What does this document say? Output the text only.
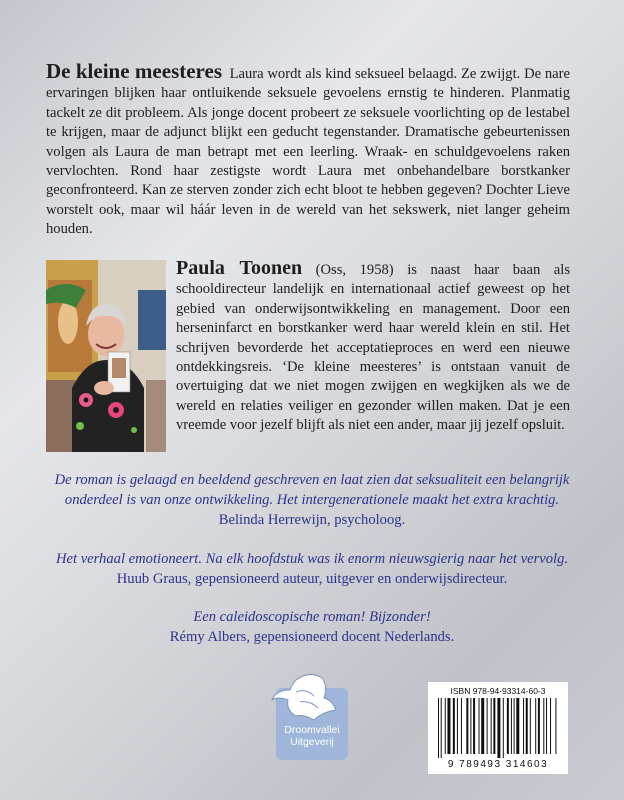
De kleine meesteres Laura wordt als kind seksueel belaagd. Ze zwijgt. De nare ervaringen blijken haar ontluikende seksuele gevoelens ernstig te hinderen. Planmatig tackelt ze dit probleem. Als jonge docent probeert ze seksuele voorlichting op de lestabel te krijgen, maar de adjunct blijkt een geducht tegenstander. Dramatische gebeurtenissen volgen als Laura de man betrapt met een leerling. Wraak- en schuldgevoelens raken vervlochten. Rond haar zestigste wordt Laura met onbehandelbare borstkanker geconfronteerd. Kan ze sterven zonder zich echt bloot te hebben gegeven? Dochter Lieve worstelt ook, maar wil háár leven in de wereld van het sekswerk, niet langer geheim houden.

Paula Toonen (Oss, 1958) is naast haar baan als schooldirecteur landelijk en internationaal actief geweest op het gebied van onderwijsontwikkeling en management. Door een herseninfarct en borstkanker werd haar wereld klein en stil. Het schrijven bevorderde het acceptatieproces en werd een nieuwe ontdekkingsreis. ‘De kleine meesteres’ is ontstaan vanuit de overtuiging dat we niet mogen zwijgen en wegkijken als we de wereld en relaties veiliger en gezonder willen maken. Dat je een vreemde voor jezelf blijft als niet een ander, maar jij jezelf opsluit.

De roman is gelaagd en beeldend geschreven en laat zien dat seksualiteit een belangrijk onderdeel is van onze ontwikkeling. Het intergenerationele maakt het extra krachtig.
Belinda Herrewijn, psycholoog.

Het verhaal emotioneert. Na elk hoofdstuk was ik enorm nieuwsgierig naar het vervolg.
Huub Graus, gepensioneerd auteur, uitgever en onderwijsdirecteur.

Een caleidoscopische roman! Bijzonder!
Rémy Albers, gepensioneerd docent Nederlands.

Droomvallei
Uitgeverij
ISBN 978-94-93314-60-3
9 789493 314603
